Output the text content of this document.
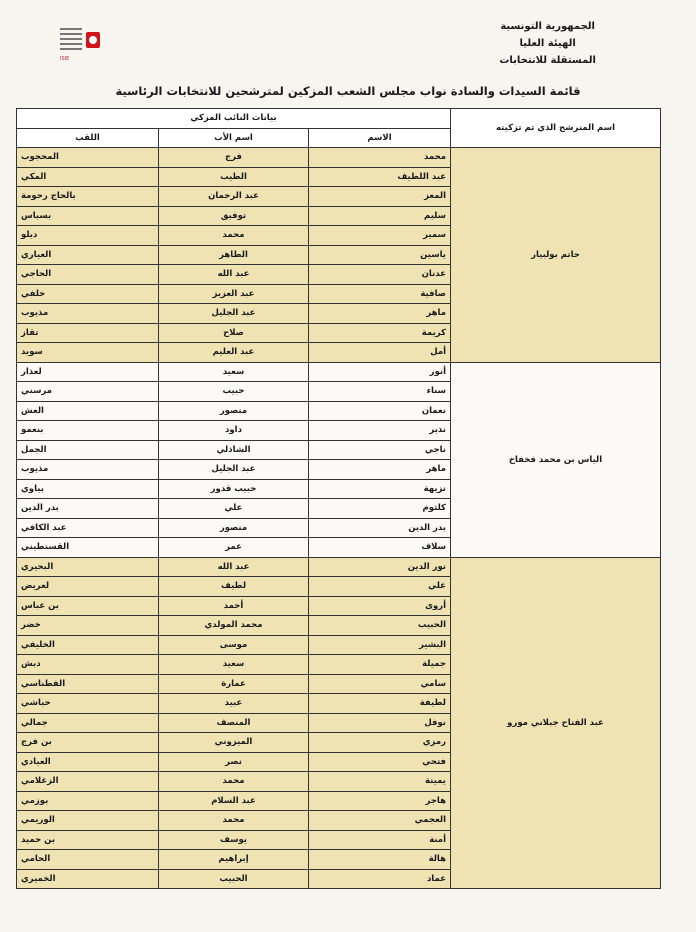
ISIE
الجمهورية التونسية
الهيئة العليا
المستقلة للانتخابات
قائمة السيدات والسادة نواب مجلس الشعب المزكين لمترشحين للانتخابات الرئاسية
اسم المترشح الذي تم تزكيته	بيانات النائب المزكي		
	الاسم	اسم الأب	اللقب
حاتم بولبيار	محمد	فرج	المحجوب
	عبد اللطيف	الطيب	المكي
	المعز	عبد الرحمان	بالحاج رحومة
	سليم	توفيق	بسباس
	سمير	محمد	ديلو
	ياسين	الطاهر	العياري
	عدنان	عبد الله	الحاجي
	صافية	عبد العزيز	خلفي
	ماهر	عبد الجليل	مذيوب
	كريمة	صلاح	تقاز
	أمل	عبد العليم	سويد
الياس بن محمد فخفاخ	أنور	سعيد	لعذار
	سناء	حبيب	مرسني
	نعمان	منصور	العش
	نذير	داود	بنعمو
	ناجي	الشاذلي	الجمل
	ماهر	عبد الجليل	مذيوب
	نزيهة	حبيب قدور	بياوي
	كلثوم	علي	بدر الدين
	بدر الدين	منصور	عبد الكافي
	سلاف	عمر	القسنطيني
عبد الفتاح جبلاني مورو	نور الدين	عبد الله	البحيري
	علي	لطيف	لعريض
	أروى	أحمد	بن عباس
	الحبيب	محمد المولدي	خضر
	البشير	موسى	الخليفي
	جميلة	سعيد	دبش
	سامي	عمارة	الفطناسي
	لطيفة	عبيد	حباشي
	نوفل	المنصف	جمالي
	رمزي	الميزوني	بن فرج
	فتحي	نصر	العيادي
	يمينة	محمد	الزغلامي
	هاجر	عبد السلام	بوزمي
	العجمي	محمد	الوريمي
	أمنة	يوسف	بن حميد
	هالة	إبراهيم	الحامي
	عماد	الحبيب	الخميري
